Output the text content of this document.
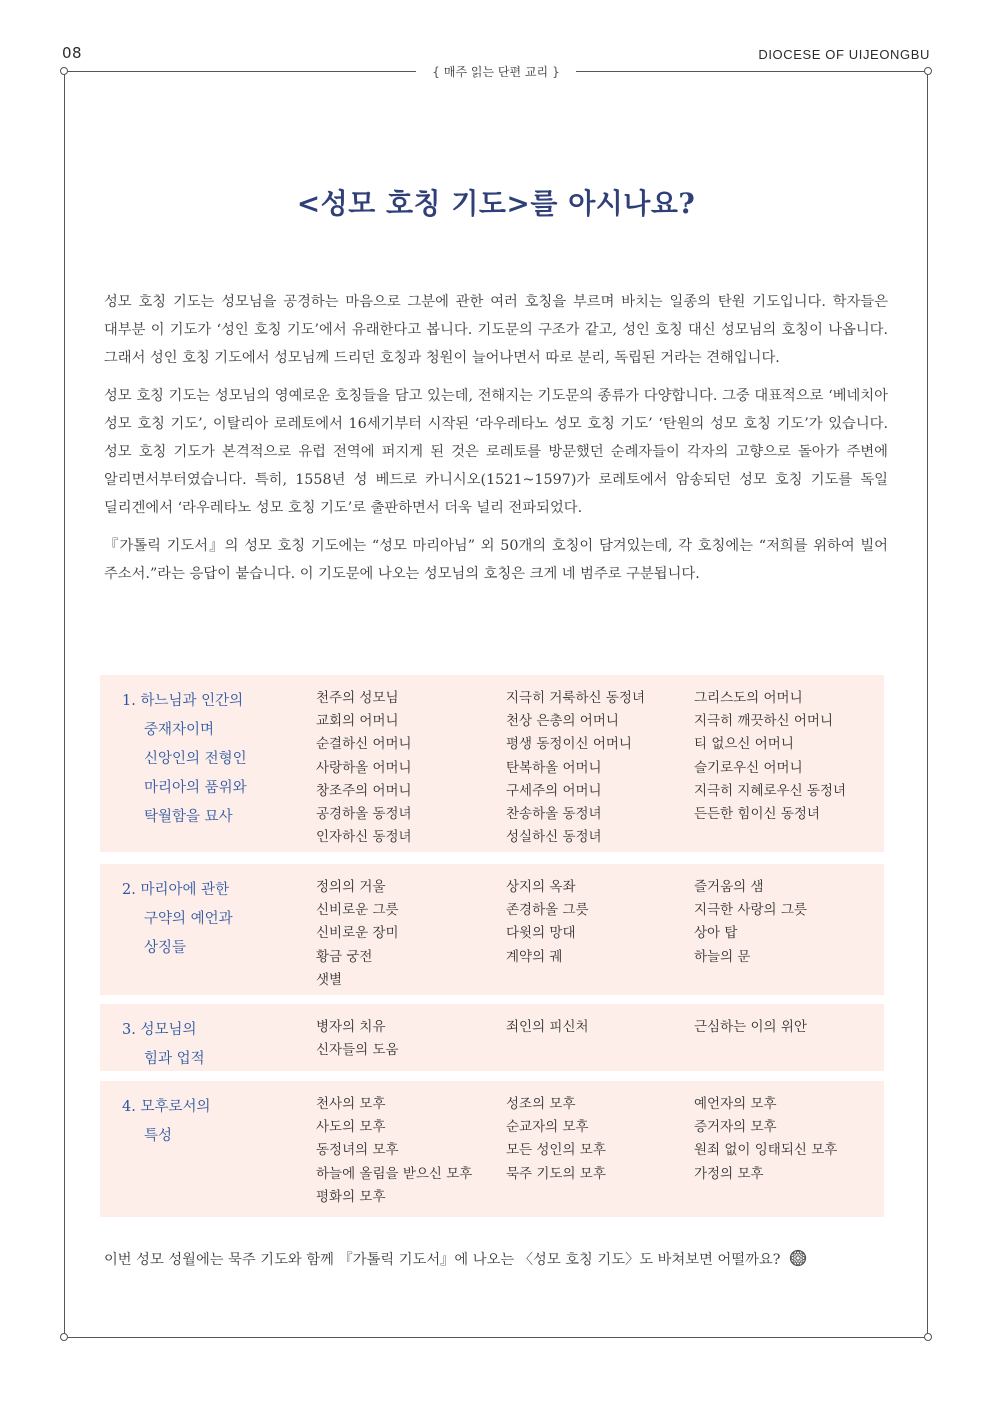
08	DIOCESE OF UIJEONGBU
{ 매주 읽는 단편 교리 }
<성모 호칭 기도>를 아시나요?

성모 호칭 기도는 성모님을 공경하는 마음으로 그분에 관한 여러 호칭을 부르며 바치는 일종의 탄원 기도입니다. 학자들은 대부분 이 기도가 ‘성인 호칭 기도’에서 유래한다고 봅니다. 기도문의 구조가 같고, 성인 호칭 대신 성모님의 호칭이 나옵니다. 그래서 성인 호칭 기도에서 성모님께 드리던 호칭과 청원이 늘어나면서 따로 분리, 독립된 거라는 견해입니다.

성모 호칭 기도는 성모님의 영예로운 호칭들을 담고 있는데, 전해지는 기도문의 종류가 다양합니다. 그중 대표적으로 ‘베네치아 성모 호칭 기도’, 이탈리아 로레토에서 16세기부터 시작된 ‘라우레타노 성모 호칭 기도’ ‘탄원의 성모 호칭 기도’가 있습니다. 성모 호칭 기도가 본격적으로 유럽 전역에 퍼지게 된 것은 로레토를 방문했던 순례자들이 각자의 고향으로 돌아가 주변에 알리면서부터였습니다. 특히, 1558년 성 베드로 카니시오(1521~1597)가 로레토에서 암송되던 성모 호칭 기도를 독일 딜리겐에서 ‘라우레타노 성모 호칭 기도’로 출판하면서 더욱 널리 전파되었다.

『가톨릭 기도서』의 성모 호칭 기도에는 “성모 마리아님” 외 50개의 호칭이 담겨있는데, 각 호칭에는 “저희를 위하여 빌어 주소서.”라는 응답이 붙습니다. 이 기도문에 나오는 성모님의 호칭은 크게 네 범주로 구분됩니다.

1. 하느님과 인간의
중재자이며
신앙인의 전형인
마리아의 품위와
탁월함을 묘사
천주의 성모님
교회의 어머니
순결하신 어머니
사랑하올 어머니
창조주의 어머니
공경하올 동정녀
인자하신 동정녀
지극히 거룩하신 동정녀
천상 은총의 어머니
평생 동정이신 어머니
탄복하올 어머니
구세주의 어머니
찬송하올 동정녀
성실하신 동정녀
그리스도의 어머니
지극히 깨끗하신 어머니
티 없으신 어머니
슬기로우신 어머니
지극히 지혜로우신 동정녀
든든한 힘이신 동정녀
2. 마리아에 관한
구약의 예언과
상징들
정의의 거울
신비로운 그릇
신비로운 장미
황금 궁전
샛별
상지의 옥좌
존경하올 그릇
다윗의 망대
계약의 궤
즐거움의 샘
지극한 사랑의 그릇
상아 탑
하늘의 문
3. 성모님의
힘과 업적
병자의 치유
신자들의 도움
죄인의 피신처	근심하는 이의 위안
4. 모후로서의
특성
천사의 모후
사도의 모후
동정녀의 모후
하늘에 올림을 받으신 모후
평화의 모후
성조의 모후
순교자의 모후
모든 성인의 모후
묵주 기도의 모후
예언자의 모후
증거자의 모후
원죄 없이 잉태되신 모후
가정의 모후
이번 성모 성월에는 묵주 기도와 함께 『가톨릭 기도서』에 나오는 〈성모 호칭 기도〉도 바쳐보면 어떨까요?
